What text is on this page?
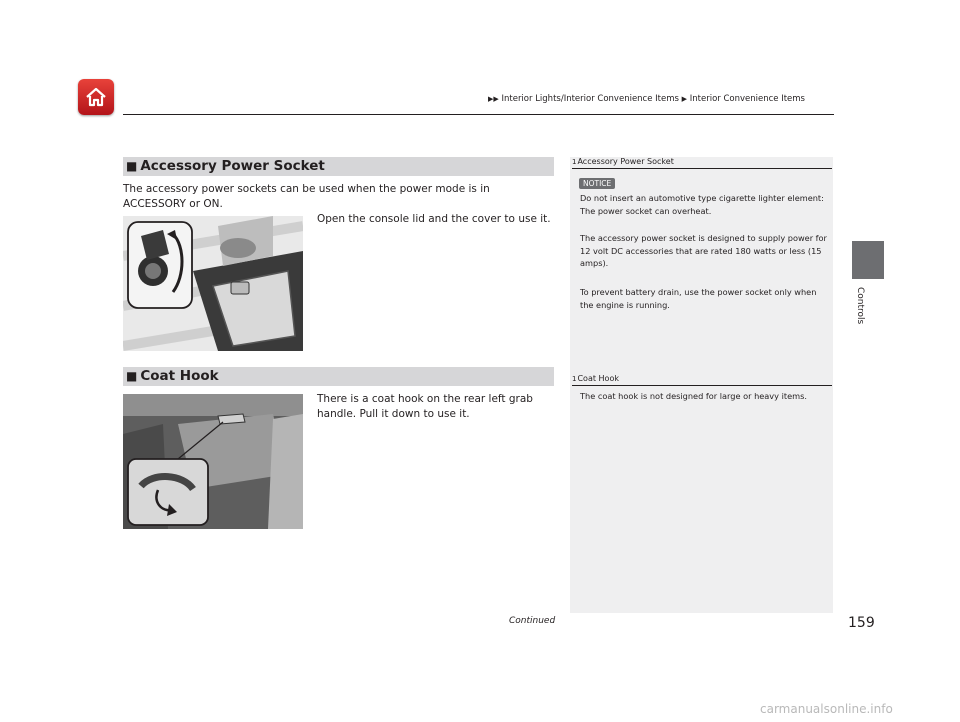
▶▶ Interior Lights/Interior Convenience Items ▶ Interior Convenience Items
Controls
■ Accessory Power Socket
The accessory power sockets can be used when the power mode is in ACCESSORY or ON.
Open the console lid and the cover to use it.
■ Coat Hook
There is a coat hook on the rear left grab handle. Pull it down to use it.
1Accessory Power Socket
NOTICE
Do not insert an automotive type cigarette lighter element: The power socket can overheat.
The accessory power socket is designed to supply power for 12 volt DC accessories that are rated 180 watts or less (15 amps).
To prevent battery drain, use the power socket only when the engine is running.
1Coat Hook
The coat hook is not designed for large or heavy items.
Continued	159
carmanualsonline.info
